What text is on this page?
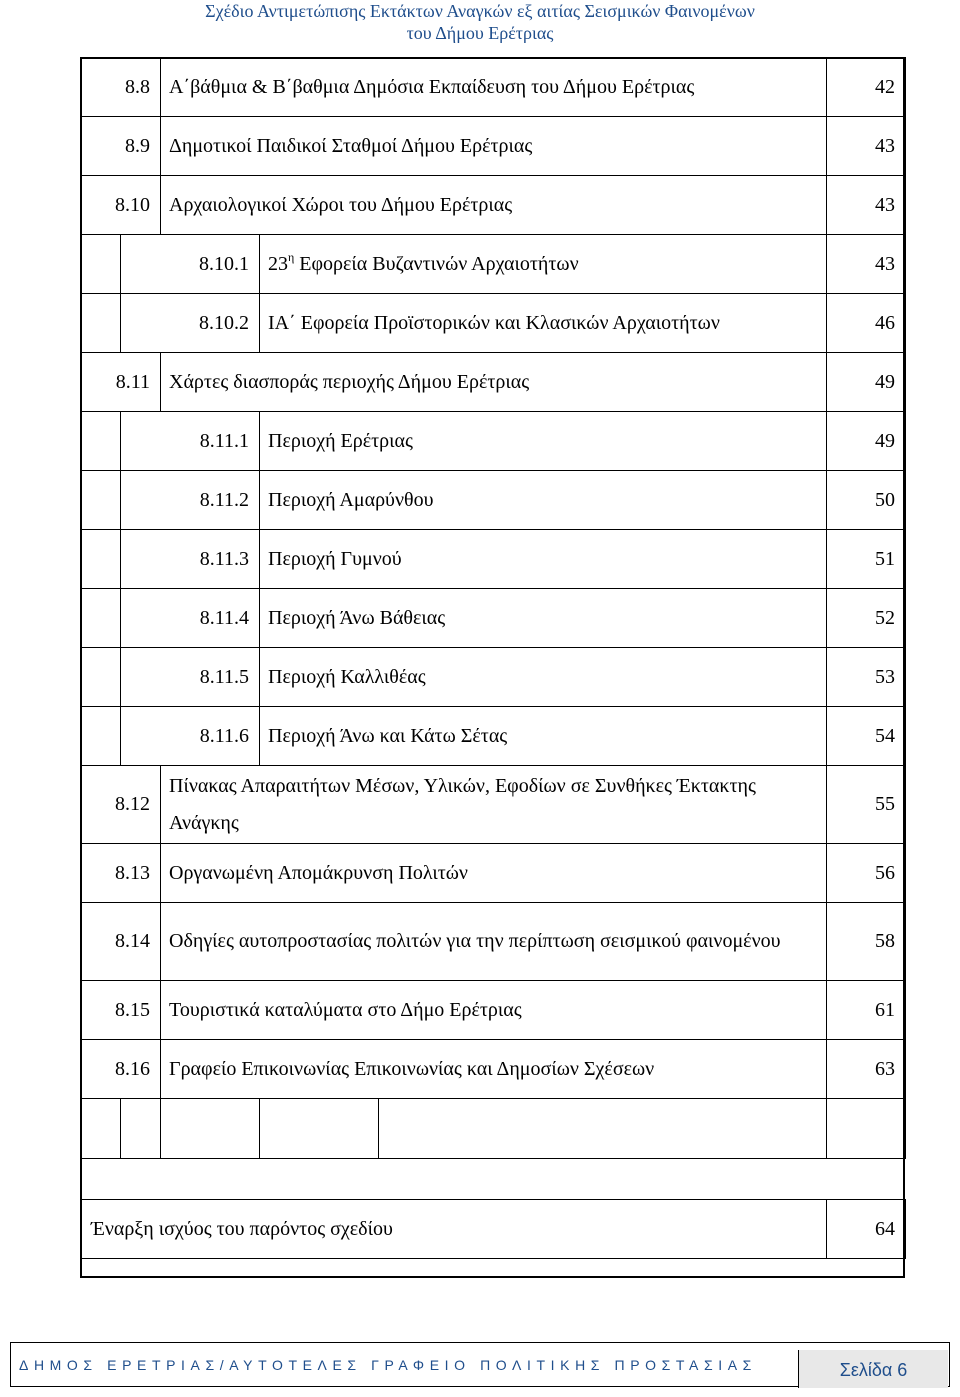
Σχέδιο Αντιμετώπισης Εκτάκτων Αναγκών εξ αιτίας Σεισμικών Φαινομένων
του Δήμου Ερέτριας
8.8		Α΄βάθμια & Β΄βαθμια Δημόσια Εκπαίδευση του Δήμου Ερέτριας			42
8.9		Δημοτικοί Παιδικοί Σταθμοί Δήμου Ερέτριας			43
8.10		Αρχαιολογικοί Χώροι του Δήμου Ερέτριας			43
	8.10.1		$23^\eta$ Εφορεία Βυζαντινών Αρχαιοτήτων		43
	8.10.2		ΙΑ΄ Εφορεία Προϊστορικών και Κλασικών Αρχαιοτήτων		46
8.11		Χάρτες διασποράς περιοχής Δήμου Ερέτριας			49
	8.11.1		Περιοχή Ερέτριας		49
	8.11.2		Περιοχή Αμαρύνθου		50
	8.11.3		Περιοχή Γυμνού		51
	8.11.4		Περιοχή Άνω Βάθειας		52
	8.11.5		Περιοχή Καλλιθέας		53
	8.11.6		Περιοχή Άνω και Κάτω Σέτας		54
8.12		Πίνακας Απαραιτήτων Μέσων, Υλικών, Εφοδίων σε Συνθήκες Έκτακτης Ανάγκης			55
8.13		Οργανωμένη Απομάκρυνση Πολιτών			56
8.14		Οδηγίες αυτοπροστασίας πολιτών για την περίπτωση σεισμικού φαινομένου			58
8.15		Τουριστικά καταλύματα στο Δήμο Ερέτριας			61
8.16		Γραφείο Επικοινωνίας Επικοινωνίας και Δημοσίων Σχέσεων			63

Έναρξη ισχύος του παρόντος σχεδίου					64
ΔΗΜΟΣ ΕΡΕΤΡΙΑΣ/ΑΥΤΟΤΕΛΕΣ ΓΡΑΦΕΙΟ ΠΟΛΙΤΙΚΗΣ ΠΡΟΣΤΑΣΙΑΣ	Σελίδα 6
